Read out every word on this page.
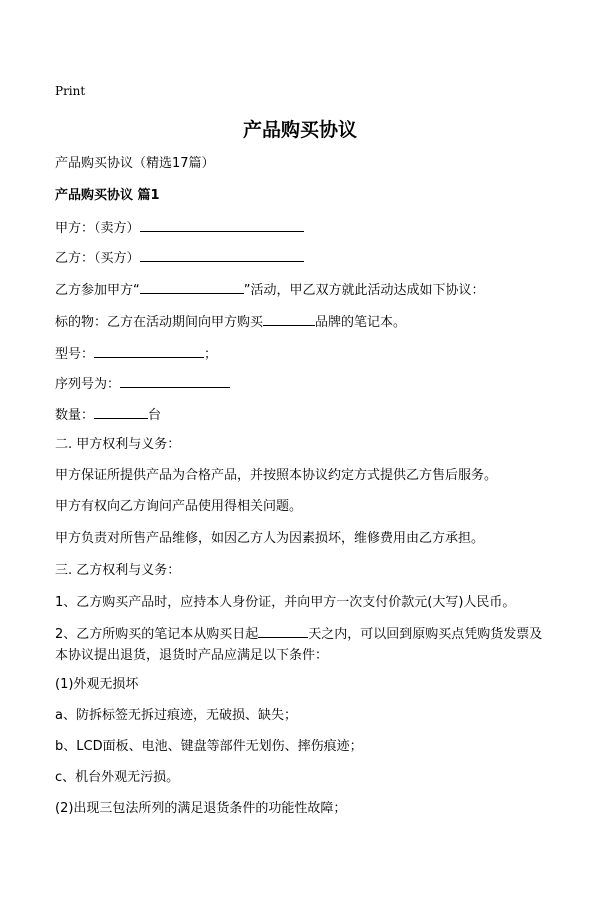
Print
产品购买协议
产品购买协议（精选17篇）
产品购买协议 篇1
甲方：（卖方）
乙方：（买方）
乙方参加甲方“	”活动，甲乙双方就此活动达成如下协议：
标的物：乙方在活动期间向甲方购买	品牌的笔记本。
型号：	；
序列号为：
数量：	台
二. 甲方权利与义务：
甲方保证所提供产品为合格产品，并按照本协议约定方式提供乙方售后服务。
甲方有权向乙方询问产品使用得相关问题。
甲方负责对所售产品维修，如因乙方人为因素损坏，维修费用由乙方承担。
三. 乙方权利与义务：
1、乙方购买产品时，应持本人身份证，并向甲方一次支付价款元(大写)人民币。
2、乙方所购买的笔记本从购买日起	天之内，可以回到原购买点凭购货发票及本协议提出退货，退货时产品应满足以下条件：
(1)外观无损坏
a、防拆标签无拆过痕迹，无破损、缺失；
b、LCD面板、电池、键盘等部件无划伤、摔伤痕迹；
c、机台外观无污损。
(2)出现三包法所列的满足退货条件的功能性故障；
